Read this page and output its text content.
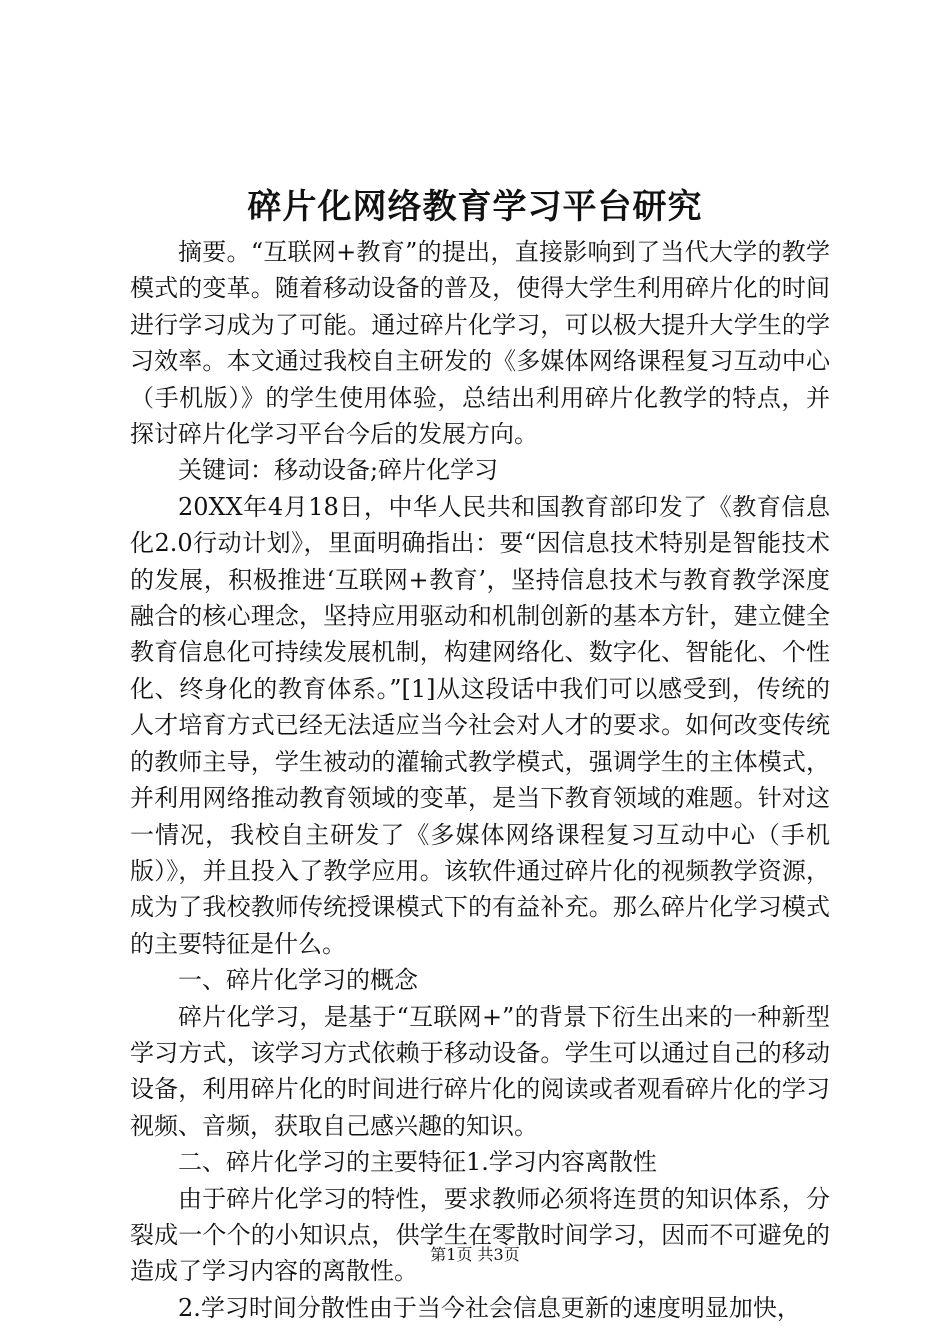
碎片化网络教育学习平台研究

摘要。“互联网+教育”的提出，直接影响到了当代大学的教学模式的变革。随着移动设备的普及，使得大学生利用碎片化的时间进行学习成为了可能。通过碎片化学习，可以极大提升大学生的学习效率。本文通过我校自主研发的《多媒体网络课程复习互动中心（手机版）》的学生使用体验，总结出利用碎片化教学的特点，并探讨碎片化学习平台今后的发展方向。

关键词：移动设备;碎片化学习

20XX年4月18日，中华人民共和国教育部印发了《教育信息化2.0行动计划》，里面明确指出：要“因信息技术特别是智能技术的发展，积极推进‘互联网+教育’，坚持信息技术与教育教学深度融合的核心理念，坚持应用驱动和机制创新的基本方针，建立健全教育信息化可持续发展机制，构建网络化、数字化、智能化、个性化、终身化的教育体系。”[1]从这段话中我们可以感受到，传统的人才培育方式已经无法适应当今社会对人才的要求。如何改变传统的教师主导，学生被动的灌输式教学模式，强调学生的主体模式，并利用网络推动教育领域的变革，是当下教育领域的难题。针对这一情况，我校自主研发了《多媒体网络课程复习互动中心（手机版）》，并且投入了教学应用。该软件通过碎片化的视频教学资源，成为了我校教师传统授课模式下的有益补充。那么碎片化学习模式的主要特征是什么。

一、碎片化学习的概念

碎片化学习，是基于“互联网+”的背景下衍生出来的一种新型学习方式，该学习方式依赖于移动设备。学生可以通过自己的移动设备，利用碎片化的时间进行碎片化的阅读或者观看碎片化的学习视频、音频，获取自己感兴趣的知识。

二、碎片化学习的主要特征1.学习内容离散性

由于碎片化学习的特性，要求教师必须将连贯的知识体系，分裂成一个个的小知识点，供学生在零散时间学习，因而不可避免的造成了学习内容的离散性。

2.学习时间分散性由于当今社会信息更新的速度明显加快，

第1页 共3页
